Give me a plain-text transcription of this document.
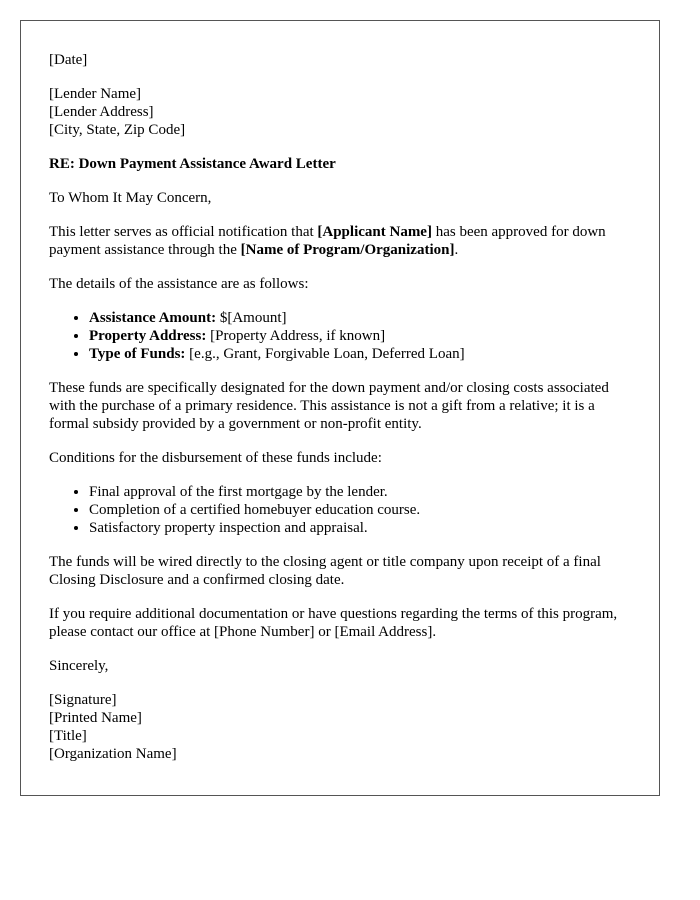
[Date]

[Lender Name]
[Lender Address]
[City, State, Zip Code]

RE: Down Payment Assistance Award Letter

To Whom It May Concern,

This letter serves as official notification that [Applicant Name] has been approved for down payment assistance through the [Name of Program/Organization].

The details of the assistance are as follows:

• Assistance Amount: $[Amount]
• Property Address: [Property Address, if known]
• Type of Funds: [e.g., Grant, Forgivable Loan, Deferred Loan]

These funds are specifically designated for the down payment and/or closing costs associated with the purchase of a primary residence. This assistance is not a gift from a relative; it is a formal subsidy provided by a government or non-profit entity.

Conditions for the disbursement of these funds include:

• Final approval of the first mortgage by the lender.
• Completion of a certified homebuyer education course.
• Satisfactory property inspection and appraisal.

The funds will be wired directly to the closing agent or title company upon receipt of a final Closing Disclosure and a confirmed closing date.

If you require additional documentation or have questions regarding the terms of this program, please contact our office at [Phone Number] or [Email Address].

Sincerely,

[Signature]
[Printed Name]
[Title]
[Organization Name]
